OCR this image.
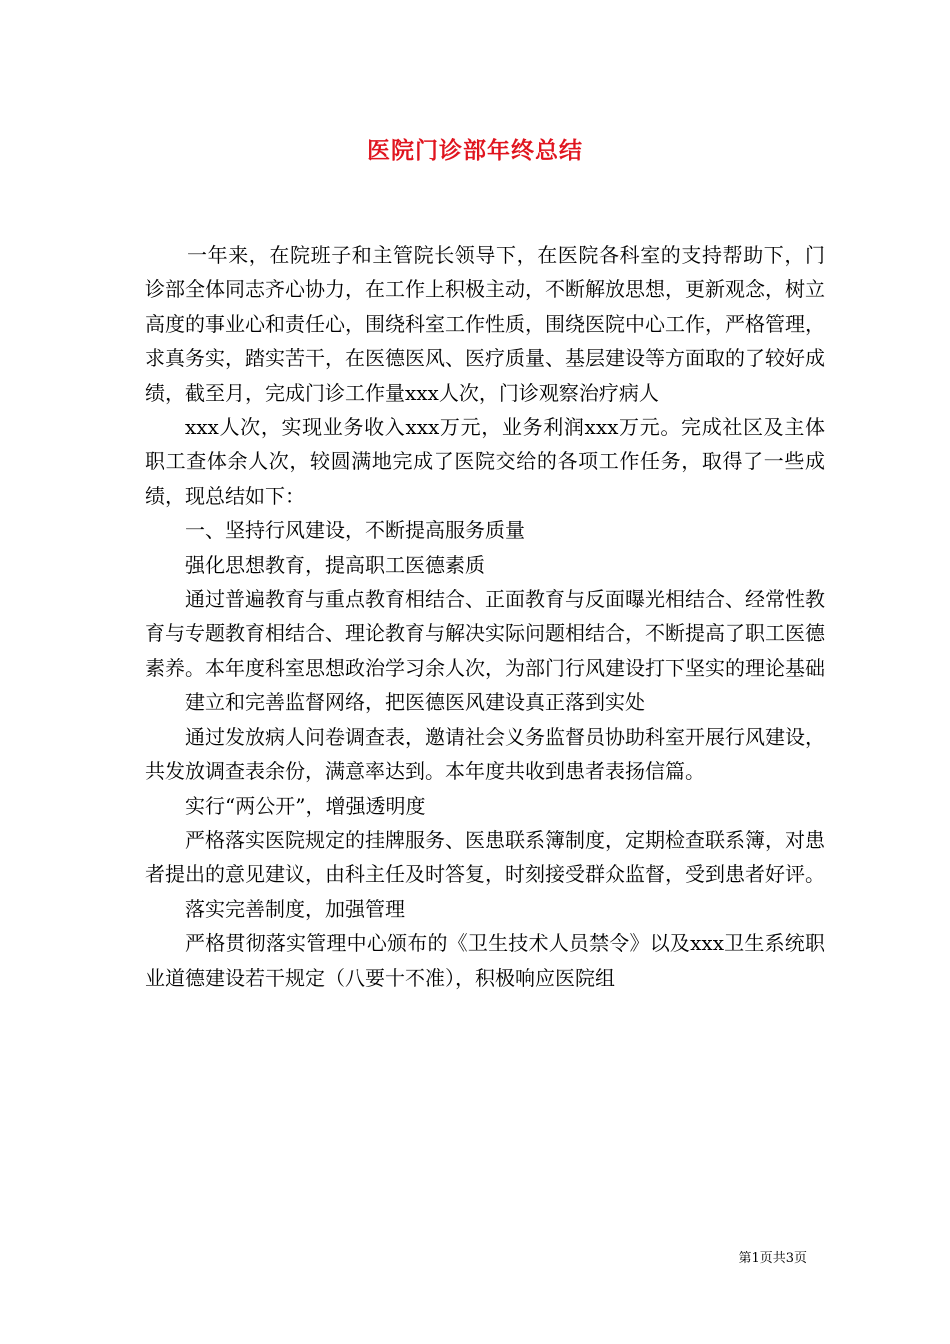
医院门诊部年终总结

一年来，在院班子和主管院长领导下，在医院各科室的支持帮助下，门诊部全体同志齐心协力，在工作上积极主动，不断解放思想，更新观念，树立高度的事业心和责任心，围绕科室工作性质，围绕医院中心工作，严格管理，求真务实，踏实苦干，在医德医风、医疗质量、基层建设等方面取的了较好成绩，截至月，完成门诊工作量xxx人次，门诊观察治疗病人

xxx人次，实现业务收入xxx万元，业务利润xxx万元。完成社区及主体职工查体余人次，较圆满地完成了医院交给的各项工作任务，取得了一些成绩，现总结如下：

一、坚持行风建设，不断提高服务质量

强化思想教育，提高职工医德素质

通过普遍教育与重点教育相结合、正面教育与反面曝光相结合、经常性教育与专题教育相结合、理论教育与解决实际问题相结合，不断提高了职工医德素养。本年度科室思想政治学习余人次，为部门行风建设打下坚实的理论基础

建立和完善监督网络，把医德医风建设真正落到实处

通过发放病人问卷调查表，邀请社会义务监督员协助科室开展行风建设，共发放调查表余份，满意率达到。本年度共收到患者表扬信篇。

实行“两公开”，增强透明度

严格落实医院规定的挂牌服务、医患联系簿制度，定期检查联系簿，对患者提出的意见建议，由科主任及时答复，时刻接受群众监督，受到患者好评。

落实完善制度，加强管理

严格贯彻落实管理中心颁布的《卫生技术人员禁令》以及xxx卫生系统职业道德建设若干规定（八要十不准），积极响应医院组

第1页共3页
